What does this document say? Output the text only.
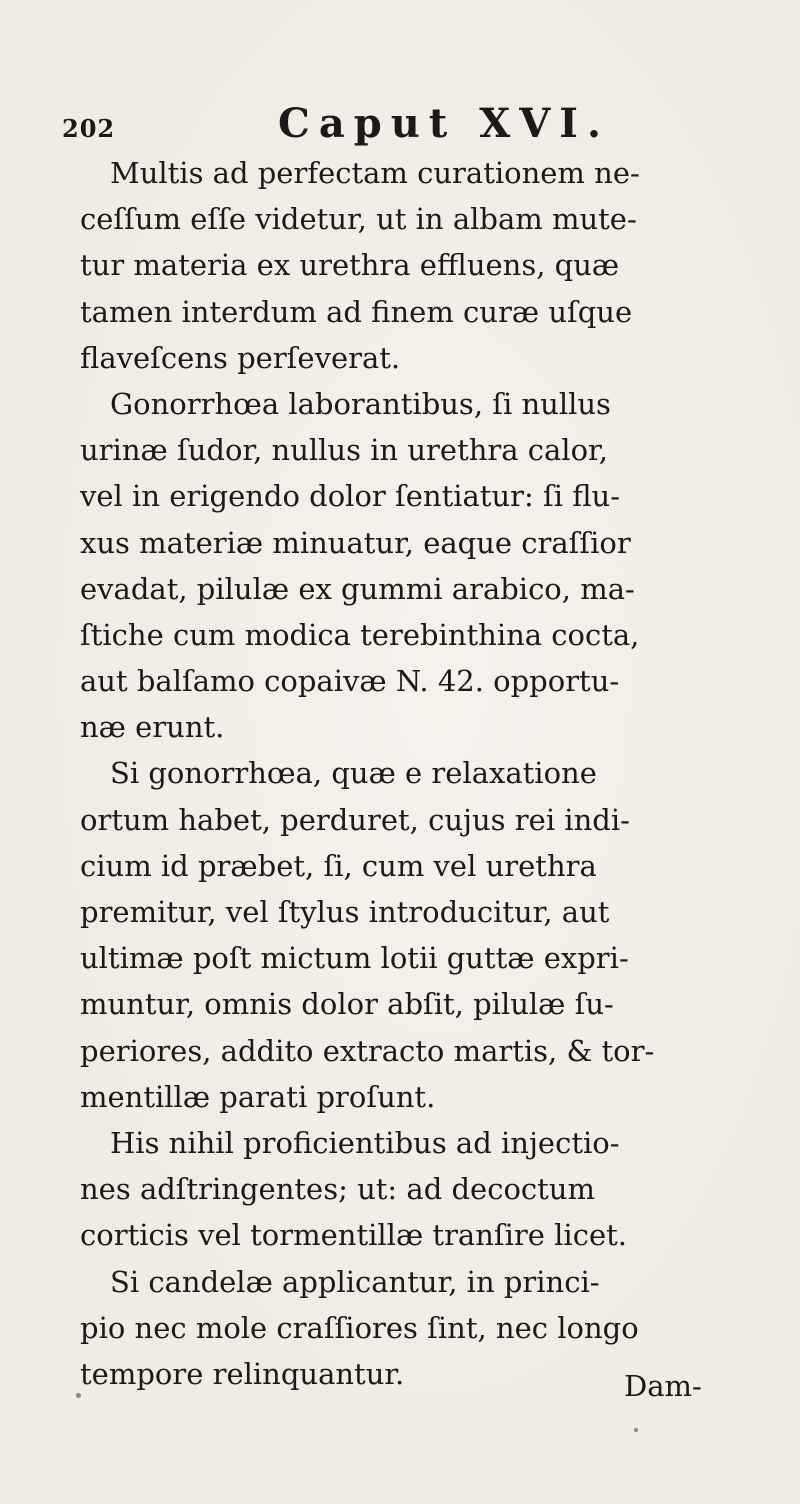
202	Caput XVI.
Multis ad perfectam curationem ne-
ceſſum eſſe videtur, ut in albam mute-
tur materia ex urethra effluens, quæ
tamen interdum ad finem curæ uſque
flaveſcens perſeverat.
Gonorrhœa laborantibus, ſi nullus
urinæ ſudor, nullus in urethra calor,
vel in erigendo dolor ſentiatur: ſi flu-
xus materiæ minuatur, eaque craſſior
evadat, pilulæ ex gummi arabico, ma-
ſtiche cum modica terebinthina cocta,
aut balſamo copaivæ N. 42. opportu-
næ erunt.
Si gonorrhœa, quæ e relaxatione
ortum habet, perduret, cujus rei indi-
cium id præbet, ſi, cum vel urethra
premitur, vel ſtylus introducitur, aut
ultimæ poſt mictum lotii guttæ expri-
muntur, omnis dolor abſit, pilulæ ſu-
periores, addito extracto martis, & tor-
mentillæ parati proſunt.
His nihil proficientibus ad injectio-
nes adſtringentes; ut: ad decoctum
corticis vel tormentillæ tranſire licet.
Si candelæ applicantur, in princi-
pio nec mole craſſiores ſint, nec longo
tempore relinquantur.	Dam-
